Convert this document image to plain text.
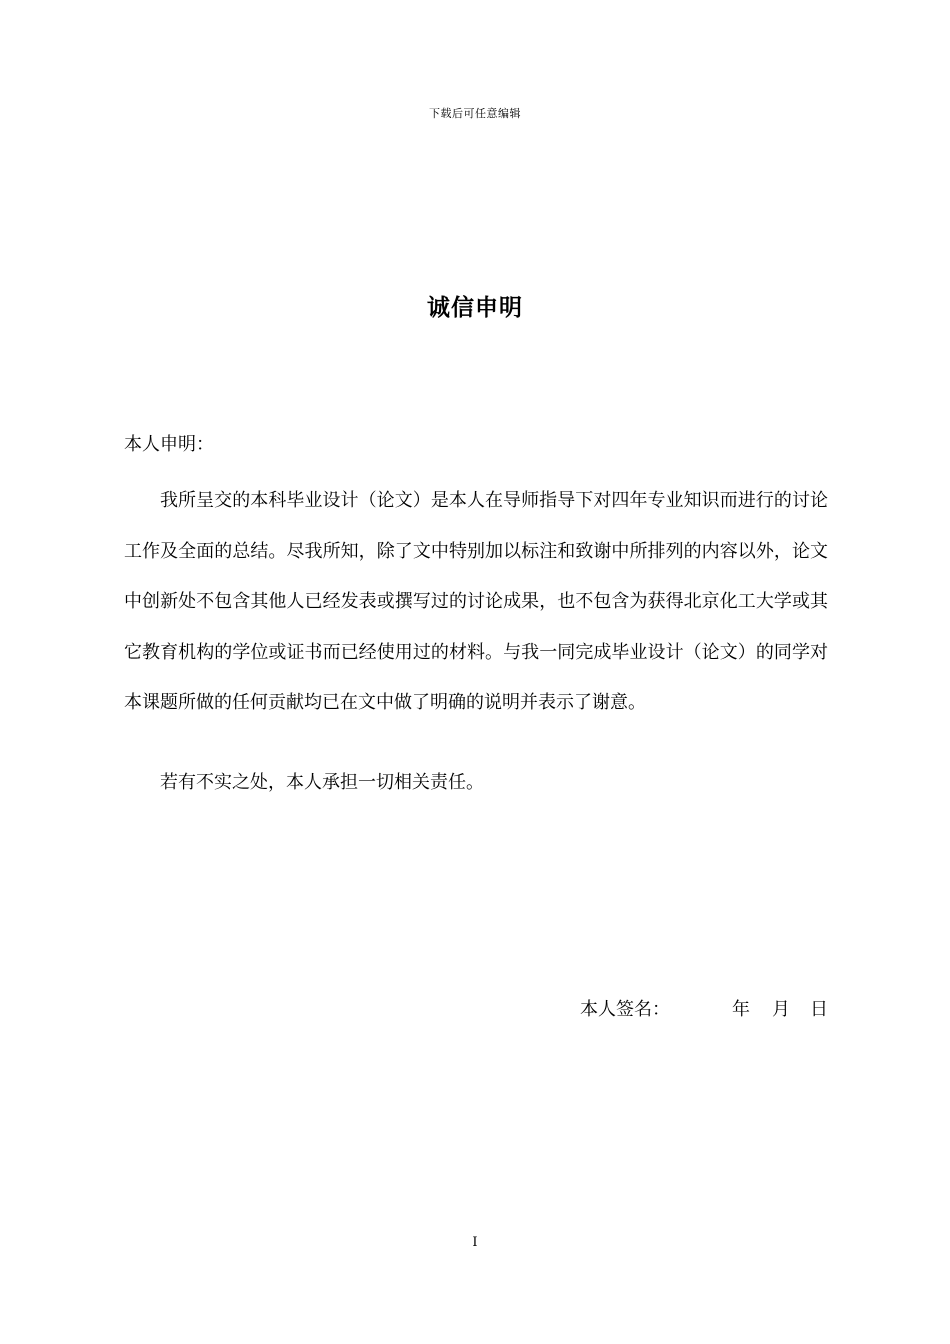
下载后可任意编辑
诚信申明
本人申明：

我所呈交的本科毕业设计（论文）是本人在导师指导下对四年专业知识而进行的讨论工作及全面的总结。尽我所知，除了文中特别加以标注和致谢中所排列的内容以外，论文中创新处不包含其他人已经发表或撰写过的讨论成果，也不包含为获得北京化工大学或其它教育机构的学位或证书而已经使用过的材料。与我一同完成毕业设计（论文）的同学对本课题所做的任何贡献均已在文中做了明确的说明并表示了谢意。

若有不实之处，本人承担一切相关责任。
本人签名：	年 月 日
I
